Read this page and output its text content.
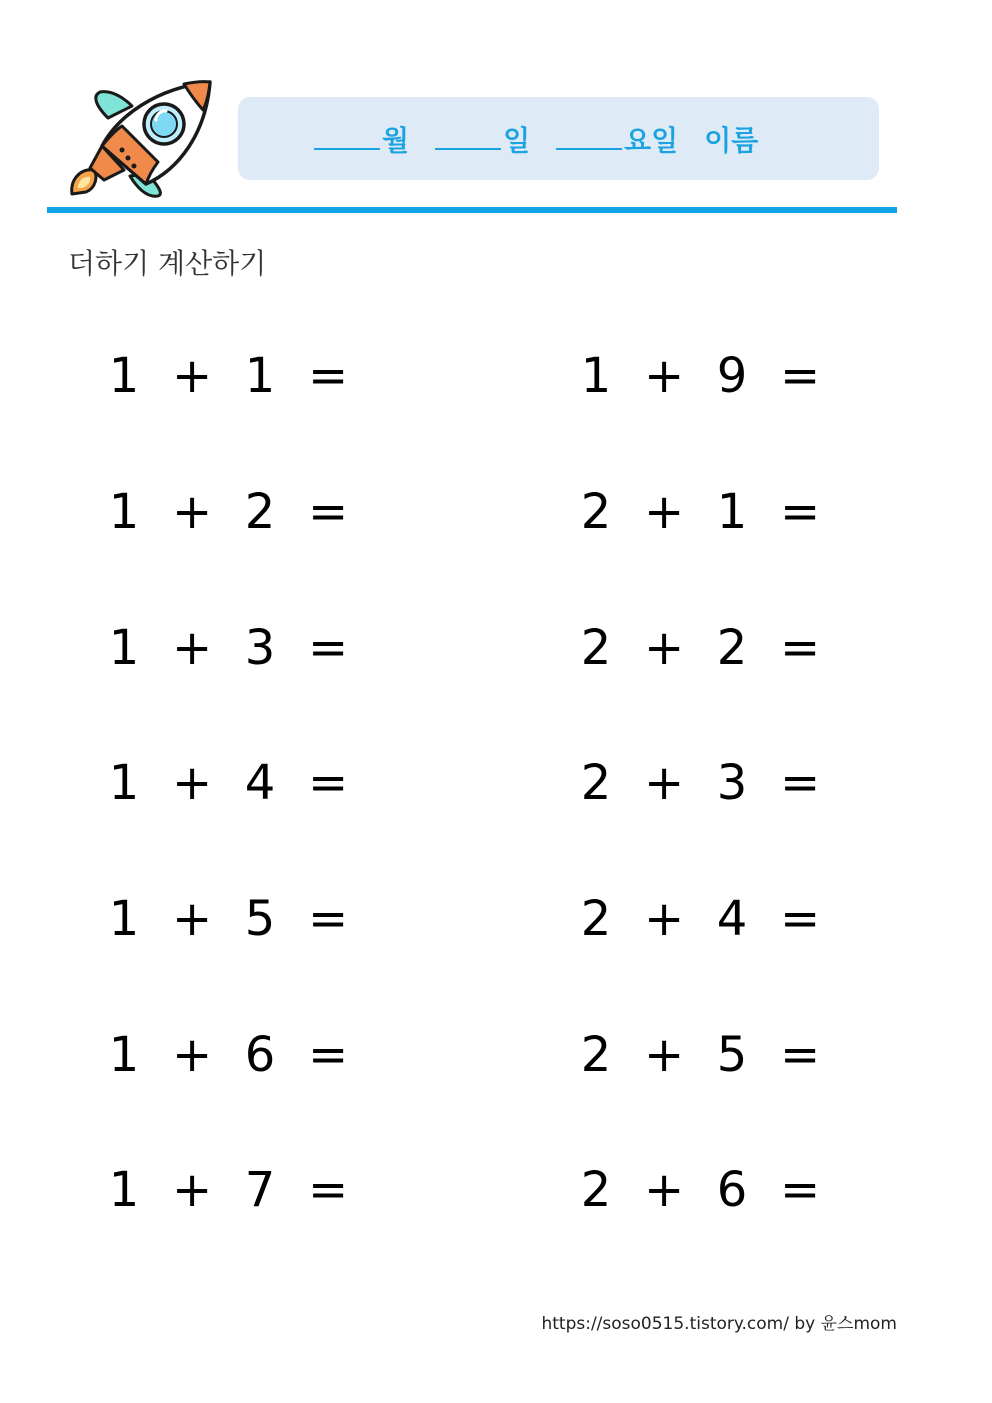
월	일	요일 이름
더하기 계산하기
1 + 1 =
1 + 2 =
1 + 3 =
1 + 4 =
1 + 5 =
1 + 6 =
1 + 7 =
1 + 9 =
2 + 1 =
2 + 2 =
2 + 3 =
2 + 4 =
2 + 5 =
2 + 6 =
https://soso0515.tistory.com/ by 윤스mom
